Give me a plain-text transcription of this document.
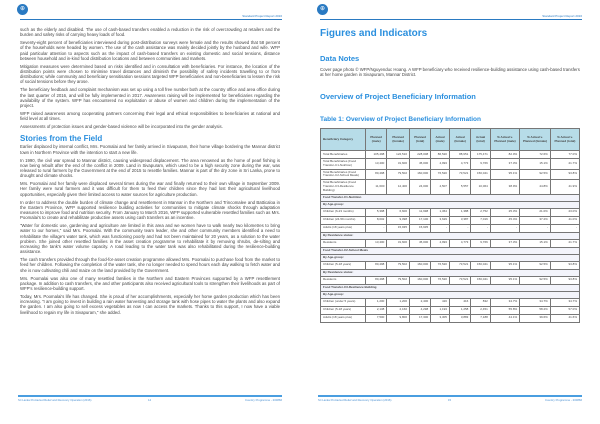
⊕
Standard Project Report 2016

such as the elderly and disabled. The use of cash-based transfers enabled a reduction in the risk of overcrowding at retailers and the burden and safety risks of carrying heavy loads of food.

Seventy-eight percent of beneficiaries interviewed during post-distribution surveys were female and the results showed that 58 percent of the households were headed by women. The use of the cash assistance was mainly decided jointly by the husband and wife. WFP paid particular attention to aspects such as the impact of cash-based transfers on existing domestic and social tensions, distance between household and in-kind food distribution locations and between communities and markets.

Mitigation measures were determined based on risks identified and in consultation with beneficiaries. For instance, the location of the distribution points were chosen to minimise travel distances and diminish the possibility of safety incidents travelling to or from distributions; while community and beneficiary sensitisation sessions targeted WFP beneficiaries and non-beneficiaries to lessen the risk of social tensions before they arose.

The beneficiary feedback and complaint mechanism was set up using a toll free number both at the country office and area office during the last quarter of 2016, and will be fully implemented in 2017. Awareness raising will be implemented for beneficiaries regarding the availability of the system. WFP has encountered no exploitation or abuse of women and children during the implementation of the project.

WFP raised awareness among cooperating partners concerning their legal and ethical responsibilities to beneficiaries at national and field level at all times.

Assessments of protection issues and gender-based violence will be incorporated into the gender analysis.

Stories from the Field

Earlier displaced by internal conflict, Mrs. Poomalai and her family arrived in Sivapuram, their home village bordering the Mannar district town in Northern Province with the intention to start a new life.

In 1990, the civil war spread to Mannar district, causing widespread displacement. The area renowned as the home of pearl fishing is now being rebuilt after the end of the conflict in 2009. Land in Sivapuram, which used to be a high security zone during the war, was released to rural farmers by the Government at the end of 2015 to resettle families. Mannar is part of the dry zone in Sri Lanka, prone to drought and climate shocks.

Mrs. Poomalai and her family were displaced several times during the war and finally returned to their own village in September 2009. Her family were rural farmers and it was difficult for them to feed their children since they had lost their agricultural livelihood opportunities, especially given their limited access to water sources for agriculture production.

In order to address the double burden of climate change and resettlement in Mannar in the Northern and Trincomalee and Batticaloa in the Eastern Province, WFP supported resilience building activities for communities to mitigate climate shocks through adaptation measures to improve food and nutrition security. From January to March 2016, WFP supported vulnerable resettled families such as Mrs. Poomalai's to create and rehabilitate productive assets using cash transfers as an incentive.

"Water for domestic use, gardening and agriculture are limited in this area and we women have to walk nearly two kilometres to bring water to our homes," said Mrs. Poomalai. With the community team leader, she and other community members identified a need to rehabilitate the village's water tank, which was functioning poorly and had not been maintained for 20 years, as a solution to the water problem. She joined other resettled families in the asset creation programme to rehabilitate it by removing shrubs, de-silting and increasing the tank's water volume capacity. A road leading to the water tank was also rehabilitated during the resilience-building assistance.

The cash transfers provided through the food-for-asset creation programme allowed Mrs. Poomalai to purchase food from the market to feed her children. Following the completion of the water tank, she no longer needed to spend hours each day walking to fetch water and she is now cultivating chili and maize on the land provided by the Government.

Mrs. Poomalai was also one of many resettled families in the Northern and Eastern Provinces supported by a WFP resettlement package. In addition to cash transfers, she and other participants also received agricultural tools to strengthen their livelihoods as part of WFP's resilience-building support.

Today, Mrs. Poomalai's life has changed. She is proud of her accomplishments, especially her home garden production which has been increasing. "I am going to invest in building a rain water harvesting and storage tank with hose pipes to water the plants and also expand the garden. I am also going to sell excess vegetables as now I can access the markets. Thanks to this support, I now have a viable livelihood to regain my life in Sivapuram," she added.

Sri Lanka Protracted Relief and Recovery Operation (2016)	14	Country Programme - 200866
⊕
Standard Project Report 2016
Figures and Indicators
Data Notes
Cover page photo © WFP/Nguyenduc Hoang. A WFP beneficiary who received resilience-building assistance using cash-based transfers at her home garden in Sivapuram, Mannar District.
Overview of Project Beneficiary Information
Table 1: Overview of Project Beneficiary Information
Beneficiary Category	Planned (male)	Planned (female)	Planned (total)	Actual (male)	Actual (female)	Actual (total)	% Actual v. Planned (male)	% Actual v. Planned (female)	% Actual v. Planned (total)
Total Beneficiaries	105,498	122,510	228,008	86,520	88,951	175,471	82.0%	72.6%	77.0%
Total Beneficiaries (Food Transfer-C1-Nutrition)	13,400	31,600	45,000	4,993	4,773	9,766	37.3%	15.1%	21.7%
Total Beneficiaries (Food Transfer-C2-School Meals)	80,498	79,502	160,000	76,520	73,521	150,041	95.1%	92.5%	93.8%
Total Beneficiaries (Food Transfer-C3-Resilience Building)	11,600	12,400	24,000	4,507	5,557	10,064	38.9%	44.8%	41.9%
Food Transfer-C1-Nutrition									
By Age-group:									
Children (6-23 months)	5,398	6,600	11,998	1,364	1,388	2,752	25.3%	21.0%	23.0%
Children (24-59 months)	8,002	9,098	17,100	3,629	3,387	7,016	45.4%	37.2%	41.0%
Adults (18 years plus)	-	15,935	15,935	-	-	-	-	-	-
By Residence status:									
Residents	13,400	31,600	45,000	4,993	4,773	9,766	37.3%	15.1%	21.7%
Food Transfer-C2-School Meals									
By Age-group:									
Children (5-18 years)	80,498	79,502	160,000	76,520	73,521	150,041	95.1%	92.5%	93.8%
By Residence status:									
Residents	80,498	79,502	160,000	76,520	73,521	150,041	95.1%	92.5%	93.8%
Food Transfer-C3-Resilience Building									
By Age-group:									
Children (under 5 years)	1,200	1,200	2,400	416	416	832	34.7%	34.7%	34.7%
Children (5-18 years)	2,138	2,160	4,298	1,193	1,258	2,451	55.8%	58.2%	57.0%
Adults (18 years plus)	7,500	9,800	17,300	3,305	3,883	7,188	44.1%	39.6%	41.6%
Sri Lanka Protracted Relief and Recovery Operation (2016)	15	Country Programme - 200866
